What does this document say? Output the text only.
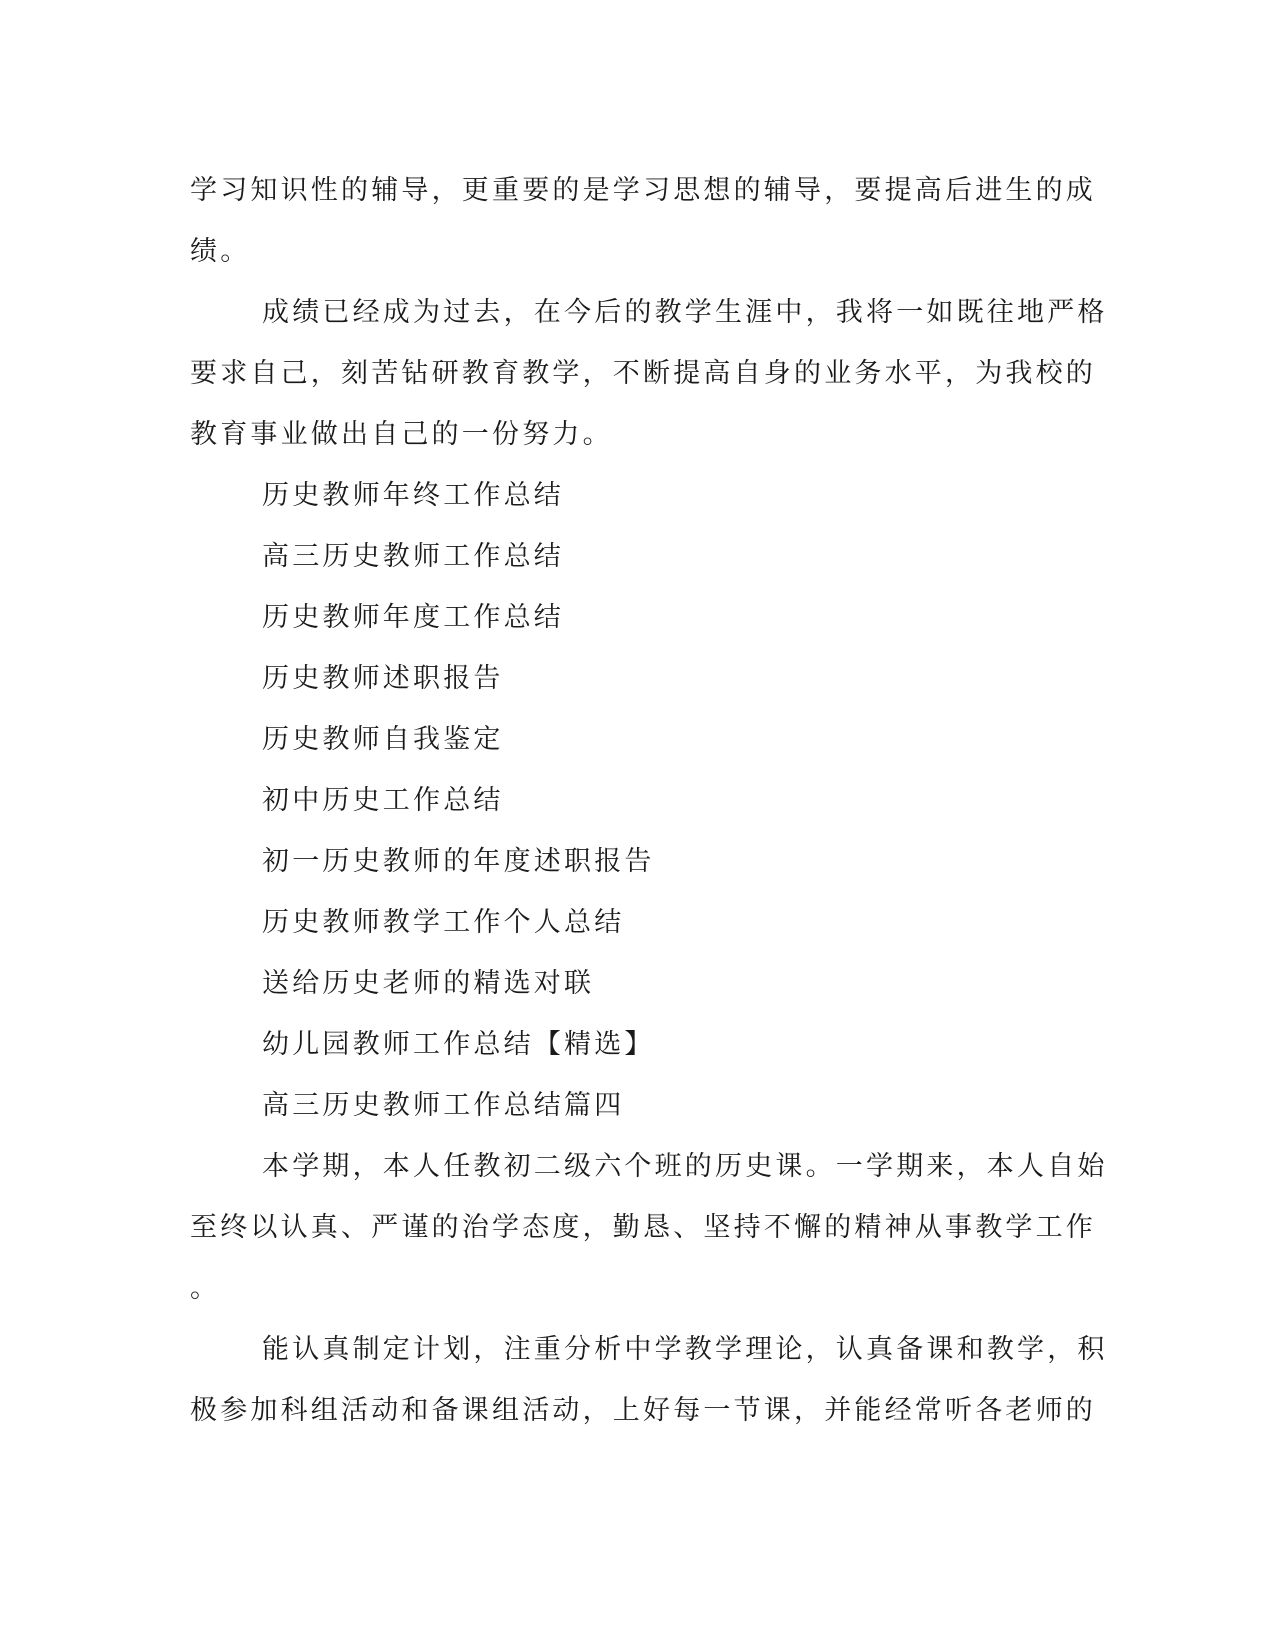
学习知识性的辅导，更重要的是学习思想的辅导，要提高后进生的成
绩。
成绩已经成为过去，在今后的教学生涯中，我将一如既往地严格
要求自己，刻苦钻研教育教学，不断提高自身的业务水平，为我校的
教育事业做出自己的一份努力。
历史教师年终工作总结
高三历史教师工作总结
历史教师年度工作总结
历史教师述职报告
历史教师自我鉴定
初中历史工作总结
初一历史教师的年度述职报告
历史教师教学工作个人总结
送给历史老师的精选对联
幼儿园教师工作总结【精选】
高三历史教师工作总结篇四
本学期，本人任教初二级六个班的历史课。一学期来，本人自始
至终以认真、严谨的治学态度，勤恳、坚持不懈的精神从事教学工作
。
能认真制定计划，注重分析中学教学理论，认真备课和教学，积
极参加科组活动和备课组活动，上好每一节课，并能经常听各老师的
